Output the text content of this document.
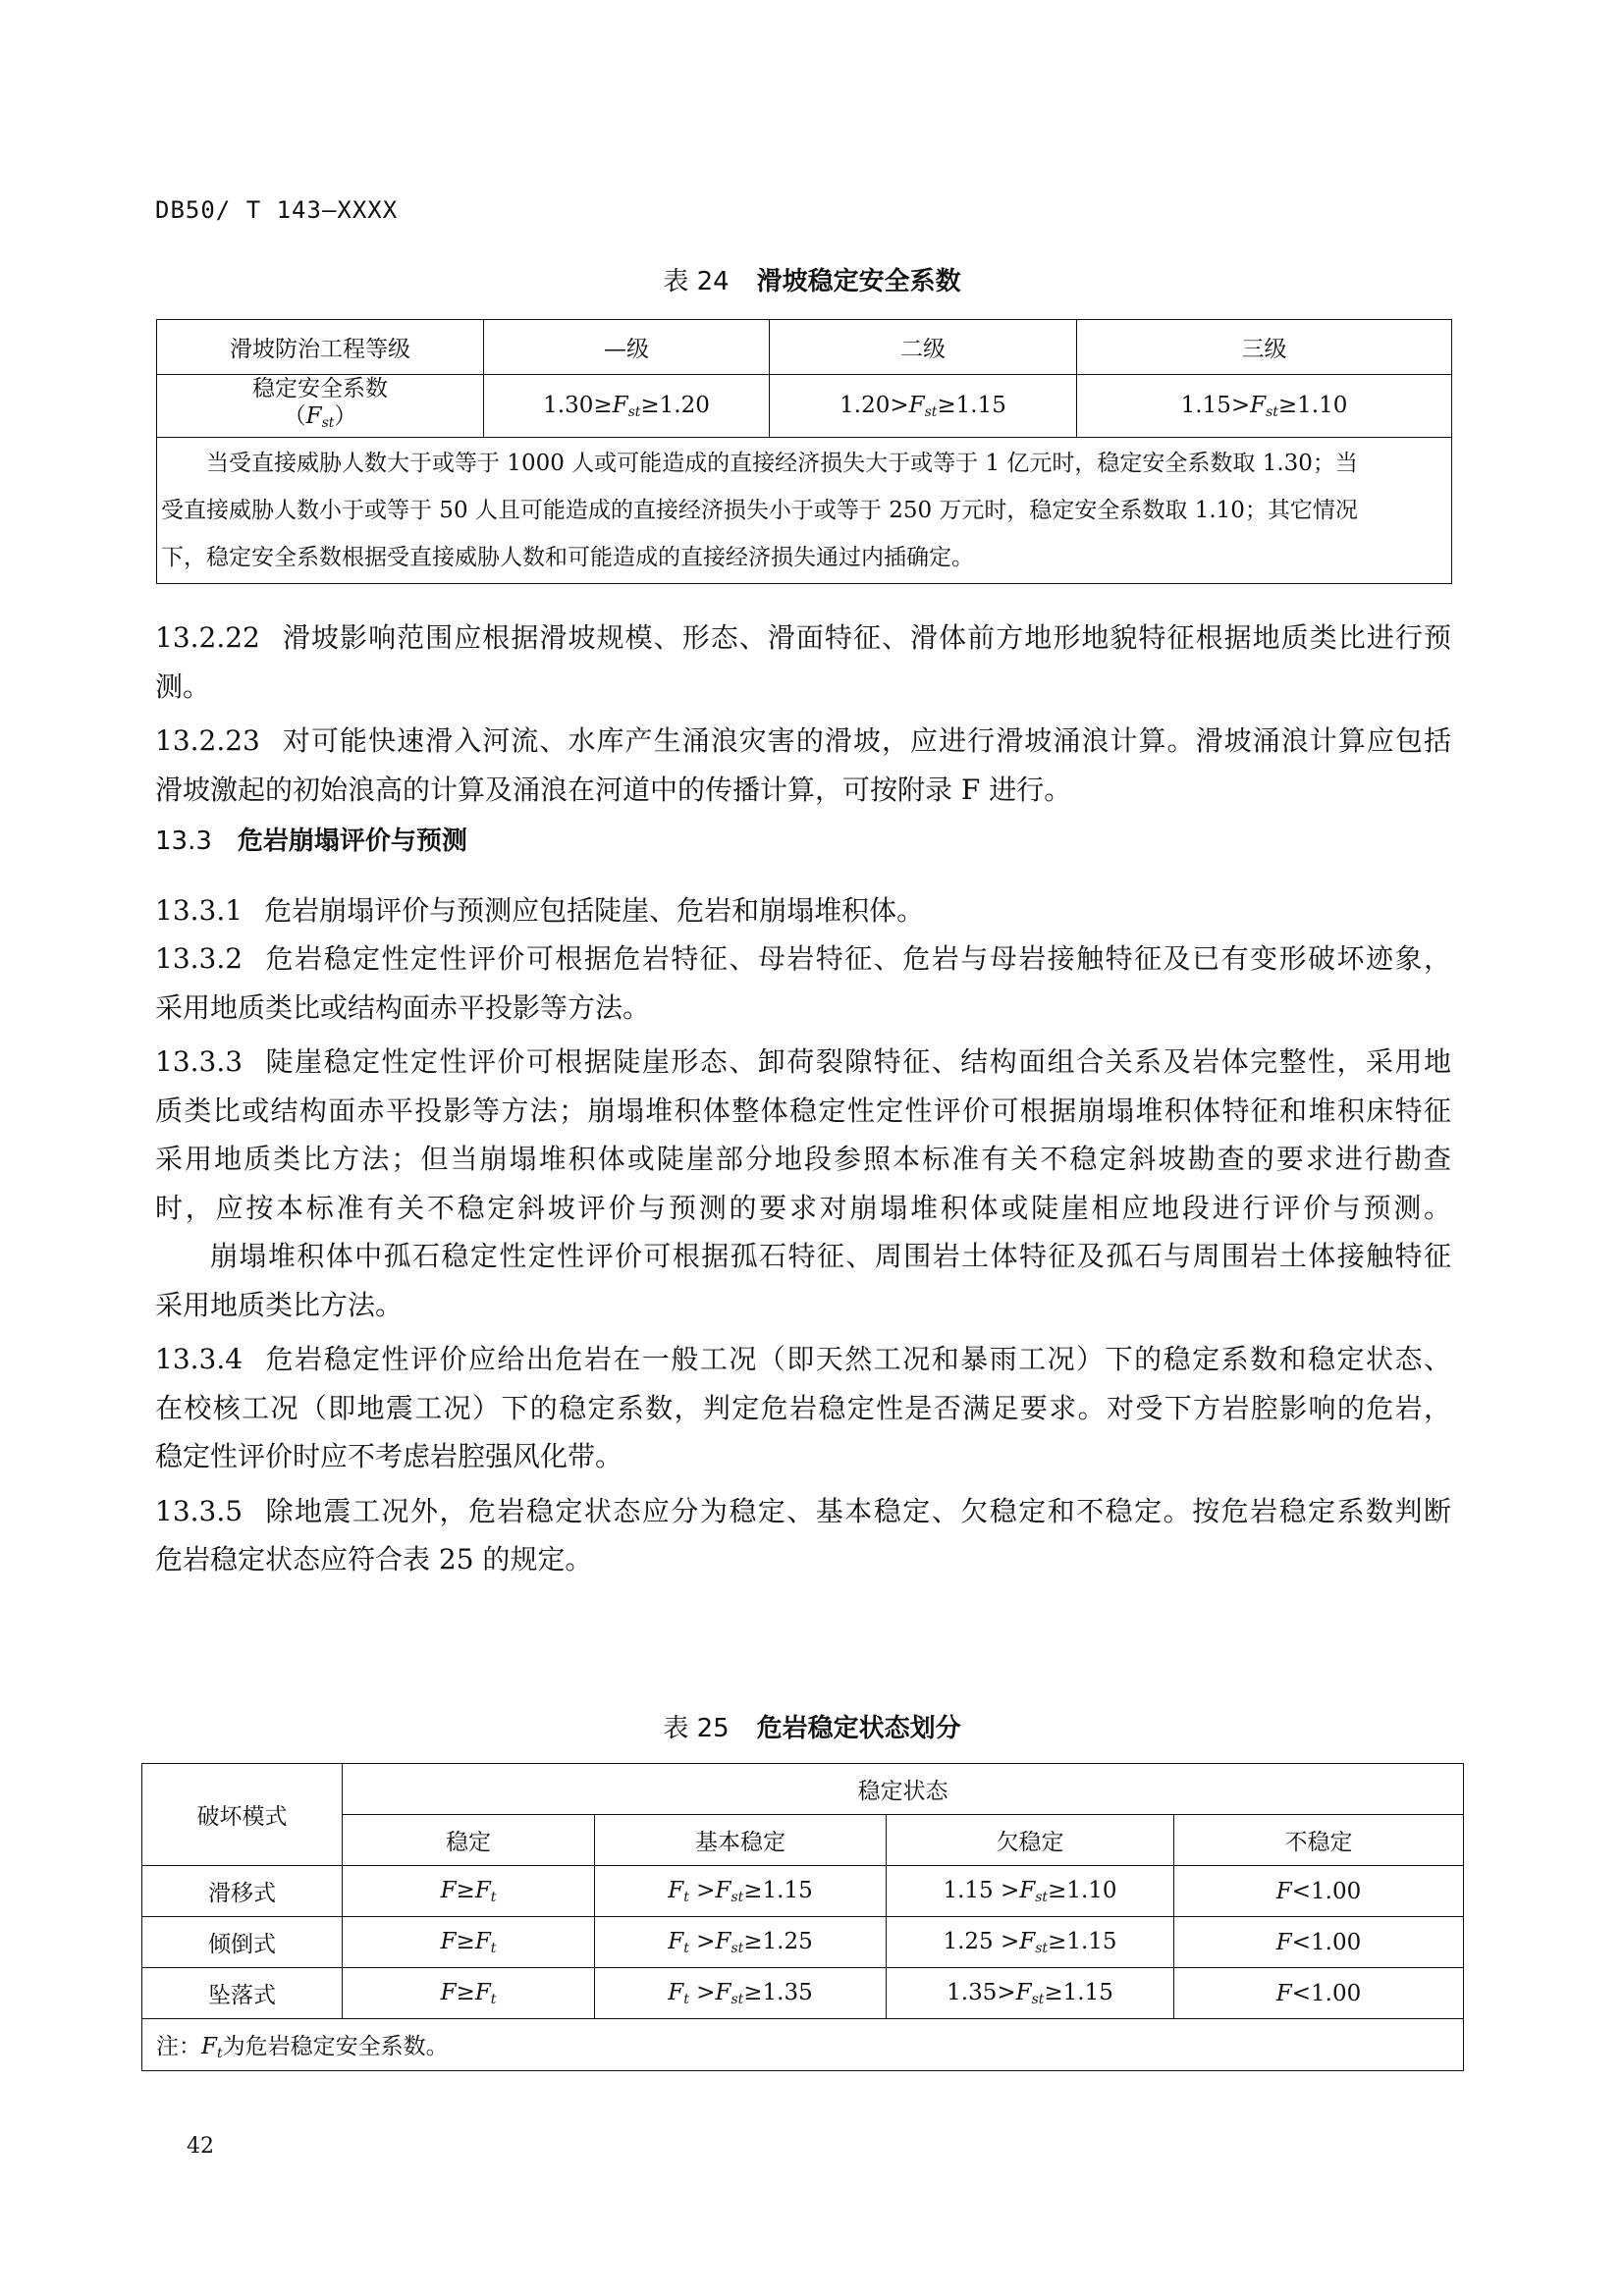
DB50/ T 143—XXXX
表 24 滑坡稳定安全系数
滑坡防治工程等级	—级	二级	三级

稳定安全系数
$(F_{st})$	$1.30\ge F_{st}\ge 1.20$	$1.20>F_{st}\ge 1.15$	$1.15>F_{st}\ge 1.10$

当受直接威胁人数大于或等于 1000 人或可能造成的直接经济损失大于或等于 1 亿元时，稳定安全系数取 1.30；当
受直接威胁人数小于或等于 50 人且可能造成的直接经济损失小于或等于 250 万元时，稳定安全系数取 1.10；其它情况
下，稳定安全系数根据受直接威胁人数和可能造成的直接经济损失通过内插确定。			

13.2.22 滑坡影响范围应根据滑坡规模、形态、滑面特征、滑体前方地形地貌特征根据地质类比进行预

测。

13.2.23 对可能快速滑入河流、水库产生涌浪灾害的滑坡，应进行滑坡涌浪计算。滑坡涌浪计算应包括

滑坡激起的初始浪高的计算及涌浪在河道中的传播计算，可按附录 F 进行。

13.3 危岩崩塌评价与预测

13.3.1 危岩崩塌评价与预测应包括陡崖、危岩和崩塌堆积体。

13.3.2 危岩稳定性定性评价可根据危岩特征、母岩特征、危岩与母岩接触特征及已有变形破坏迹象，

采用地质类比或结构面赤平投影等方法。

13.3.3 陡崖稳定性定性评价可根据陡崖形态、卸荷裂隙特征、结构面组合关系及岩体完整性，采用地

质类比或结构面赤平投影等方法；崩塌堆积体整体稳定性定性评价可根据崩塌堆积体特征和堆积床特征

采用地质类比方法；但当崩塌堆积体或陡崖部分地段参照本标准有关不稳定斜坡勘查的要求进行勘查

时，应按本标准有关不稳定斜坡评价与预测的要求对崩塌堆积体或陡崖相应地段进行评价与预测。

崩塌堆积体中孤石稳定性定性评价可根据孤石特征、周围岩土体特征及孤石与周围岩土体接触特征

采用地质类比方法。

13.3.4 危岩稳定性评价应给出危岩在一般工况（即天然工况和暴雨工况）下的稳定系数和稳定状态、

在校核工况（即地震工况）下的稳定系数，判定危岩稳定性是否满足要求。对受下方岩腔影响的危岩，

稳定性评价时应不考虑岩腔强风化带。

13.3.5 除地震工况外，危岩稳定状态应分为稳定、基本稳定、欠稳定和不稳定。按危岩稳定系数判断

危岩稳定状态应符合表 25 的规定。

表 25 危岩稳定状态划分
破坏模式	稳定状态			
	稳定	基本稳定	欠稳定	不稳定
滑移式	$F\ge F_t$	$F_t >F_{st}\ge 1.15$	$1.15 >F_{st}\ge 1.10$	F<1.00
倾倒式	$F\ge F_t$	$F_t >F_{st}\ge 1.25$	$1.25 >F_{st}\ge 1.15$	F<1.00
坠落式	$F\ge F_t$	$F_t >F_{st}\ge 1.35$	$1.35>F_{st}\ge 1.15$	F<1.00
注：$F_t$为危岩稳定安全系数。				
42
